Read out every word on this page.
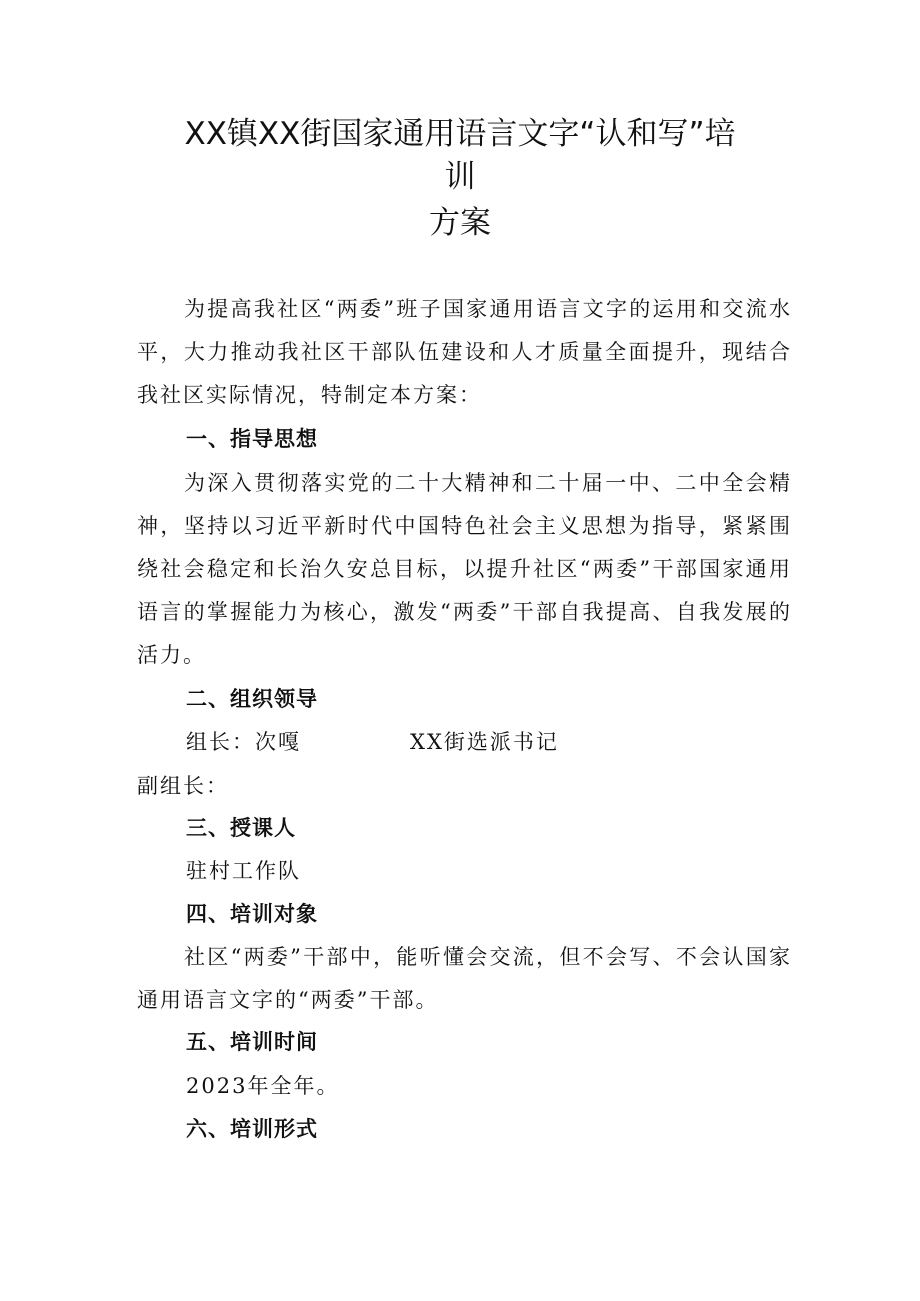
XX镇XX街国家通用语言文字“认和写”培
训
方案
为提高我社区“两委”班子国家通用语言文字的运用和交流水平，大力推动我社区干部队伍建设和人才质量全面提升，现结合我社区实际情况，特制定本方案：
一、指导思想
为深入贯彻落实党的二十大精神和二十届一中、二中全会精神，坚持以习近平新时代中国特色社会主义思想为指导，紧紧围绕社会稳定和长治久安总目标，以提升社区“两委”干部国家通用语言的掌握能力为核心，激发“两委”干部自我提高、自我发展的活力。
二、组织领导
组长：次嘎	XX街选派书记
副组长：
三、授课人
驻村工作队
四、培训对象
社区“两委”干部中，能听懂会交流，但不会写、不会认国家通用语言文字的“两委”干部。
五、培训时间
2023年全年。
六、培训形式
